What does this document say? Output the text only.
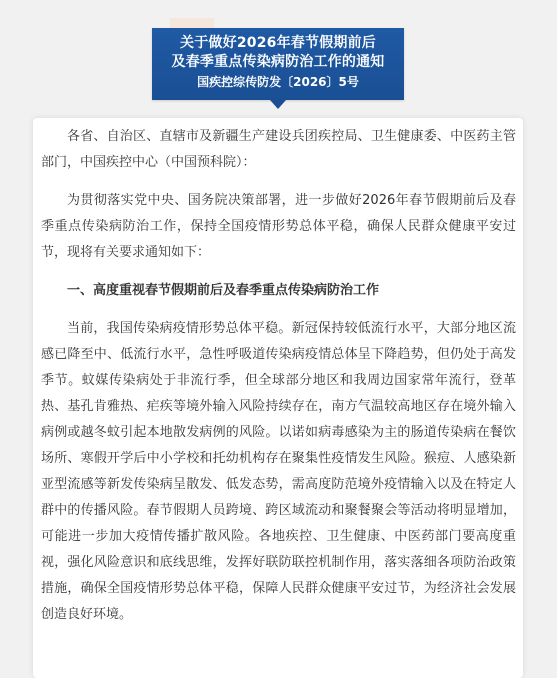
关于做好2026年春节假期前后
及春季重点传染病防治工作的通知
国疾控综传防发〔2026〕5号

各省、自治区、直辖市及新疆生产建设兵团疾控局、卫生健康委、中医药主管部门，中国疾控中心（中国预科院）：

为贯彻落实党中央、国务院决策部署，进一步做好2026年春节假期前后及春季重点传染病防治工作，保持全国疫情形势总体平稳，确保人民群众健康平安过节，现将有关要求通知如下：

一、高度重视春节假期前后及春季重点传染病防治工作

当前，我国传染病疫情形势总体平稳。新冠保持较低流行水平，大部分地区流感已降至中、低流行水平，急性呼吸道传染病疫情总体呈下降趋势，但仍处于高发季节。蚊媒传染病处于非流行季，但全球部分地区和我周边国家常年流行，登革热、基孔肯雅热、疟疾等境外输入风险持续存在，南方气温较高地区存在境外输入病例或越冬蚊引起本地散发病例的风险。以诺如病毒感染为主的肠道传染病在餐饮场所、寒假开学后中小学校和托幼机构存在聚集性疫情发生风险。猴痘、人感染新亚型流感等新发传染病呈散发、低发态势，需高度防范境外疫情输入以及在特定人群中的传播风险。春节假期人员跨境、跨区域流动和聚餐聚会等活动将明显增加，可能进一步加大疫情传播扩散风险。各地疾控、卫生健康、中医药部门要高度重视，强化风险意识和底线思维，发挥好联防联控机制作用，落实落细各项防治政策措施，确保全国疫情形势总体平稳，保障人民群众健康平安过节，为经济社会发展创造良好环境。
